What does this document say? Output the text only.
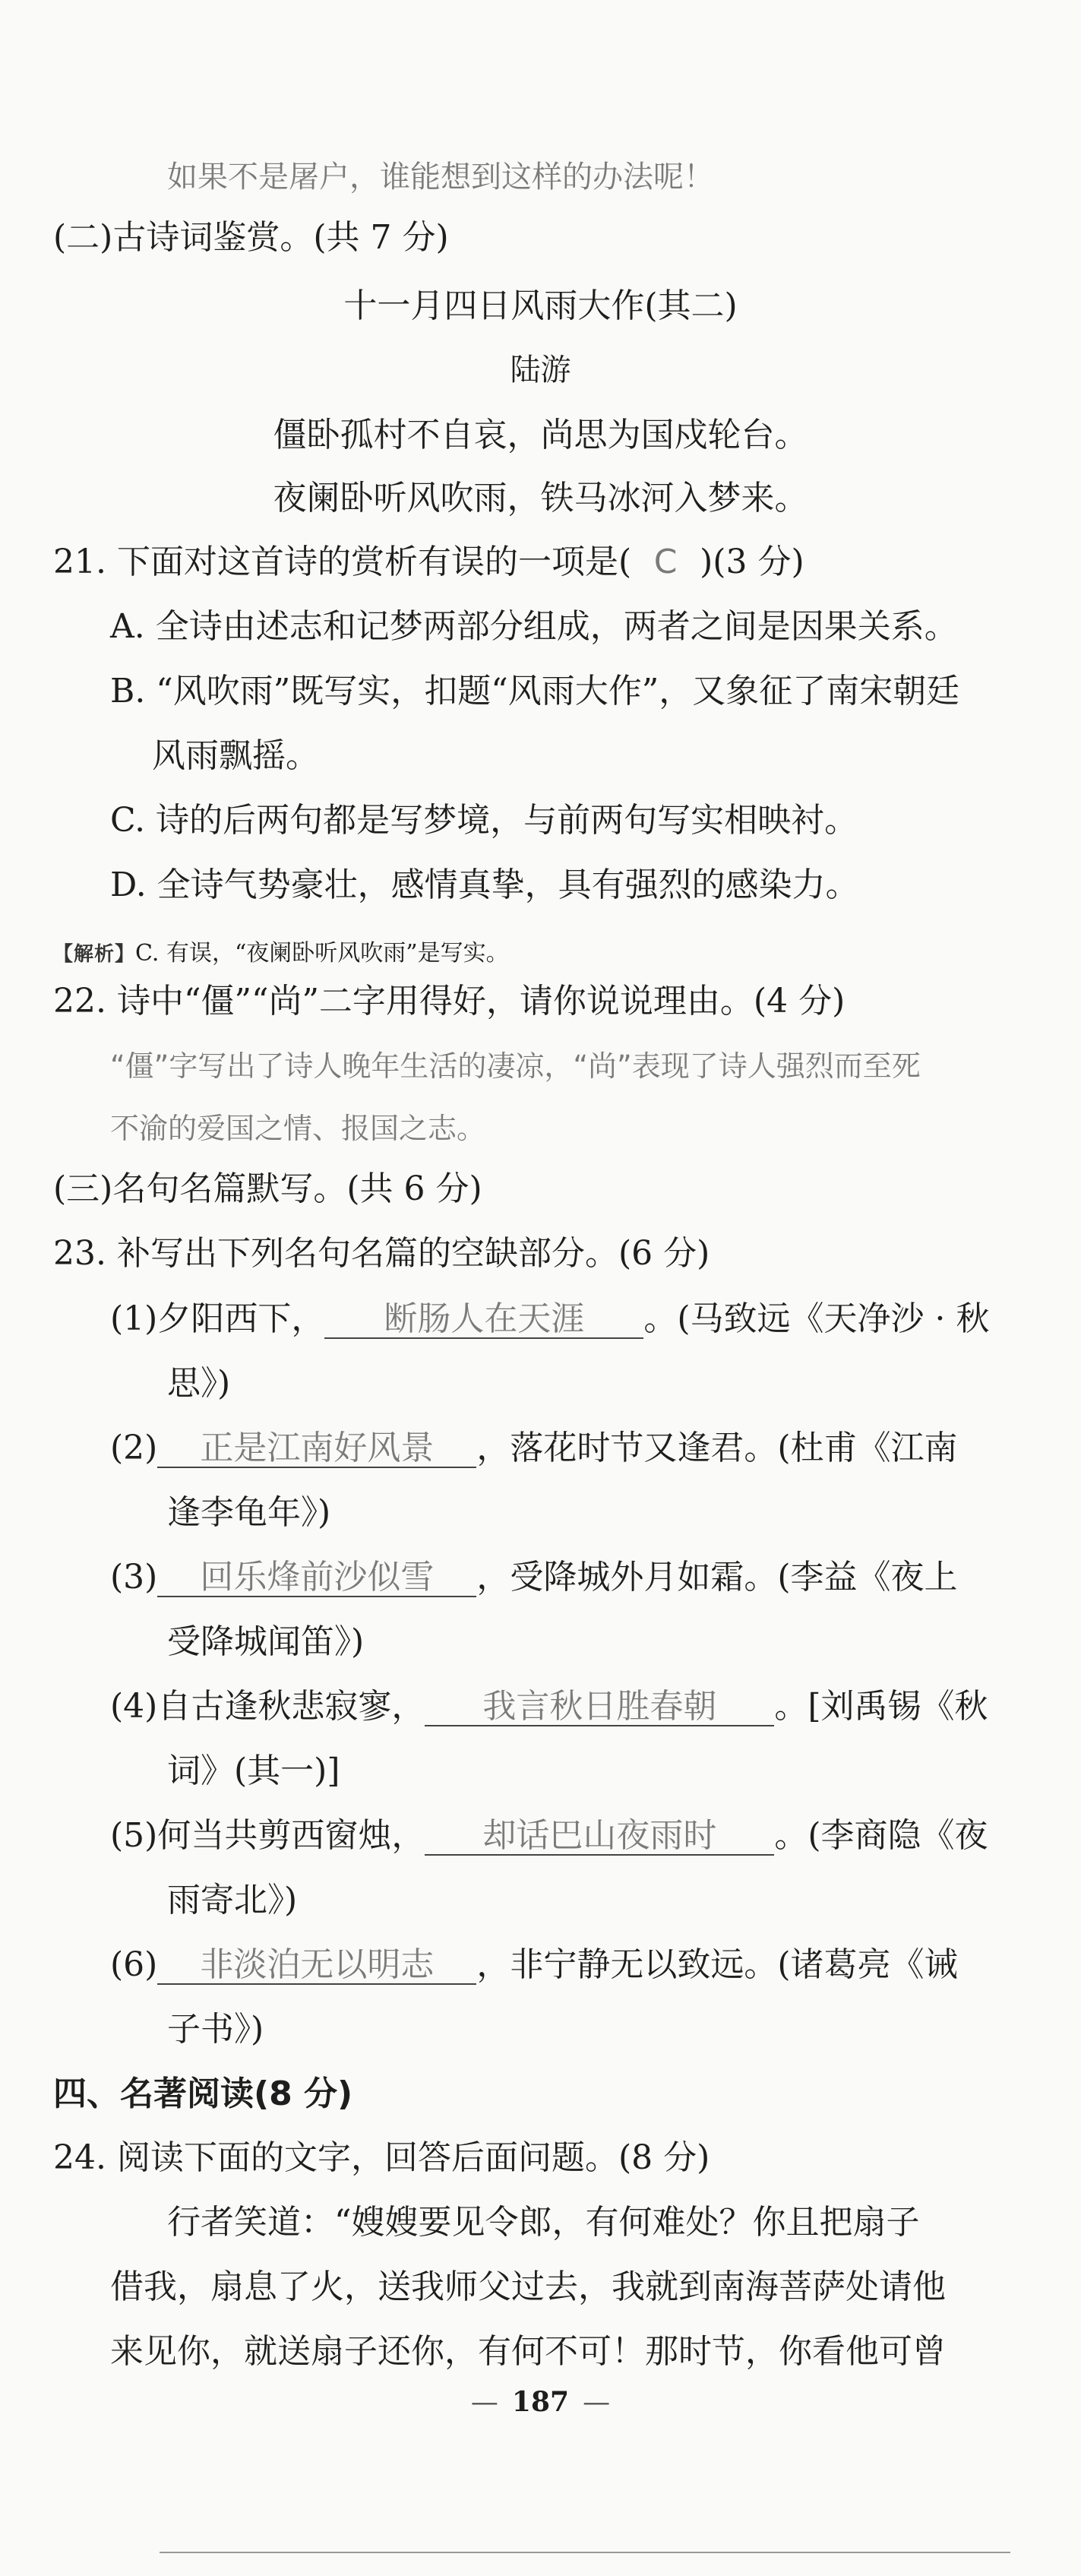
如果不是屠户，谁能想到这样的办法呢！
(二)古诗词鉴赏。(共 7 分)
十一月四日风雨大作(其二)
陆游
僵卧孤村不自哀，尚思为国戍轮台。
夜阑卧听风吹雨，铁马冰河入梦来。
21. 下面对这首诗的赏析有误的一项是( C )(3 分)
A. 全诗由述志和记梦两部分组成，两者之间是因果关系。
B. “风吹雨”既写实，扣题“风雨大作”，又象征了南宋朝廷
风雨飘摇。
C. 诗的后两句都是写梦境，与前两句写实相映衬。
D. 全诗气势豪壮，感情真挚，具有强烈的感染力。
【解析】C. 有误，“夜阑卧听风吹雨”是写实。
22. 诗中“僵”“尚”二字用得好，请你说说理由。(4 分)
“僵”字写出了诗人晚年生活的凄凉，“尚”表现了诗人强烈而至死
不渝的爱国之情、报国之志。
(三)名句名篇默写。(共 6 分)
23. 补写出下列名句名篇的空缺部分。(6 分)
(1)夕阳西下， 断肠人在天涯 。(马致远《天净沙 · 秋
思》)
(2) 正是江南好风景 ，落花时节又逢君。(杜甫《江南
逢李龟年》)
(3) 回乐烽前沙似雪 ，受降城外月如霜。(李益《夜上
受降城闻笛》)
(4)自古逢秋悲寂寥， 我言秋日胜春朝 。[刘禹锡《秋
词》(其一)]
(5)何当共剪西窗烛， 却话巴山夜雨时 。(李商隐《夜
雨寄北》)
(6) 非淡泊无以明志 ，非宁静无以致远。(诸葛亮《诫
子书》)
四、名著阅读(8 分)
24. 阅读下面的文字，回答后面问题。(8 分)
行者笑道：“嫂嫂要见令郎，有何难处？你且把扇子
借我，扇息了火，送我师父过去，我就到南海菩萨处请他
来见你，就送扇子还你，有何不可！那时节，你看他可曾
— 187 —
